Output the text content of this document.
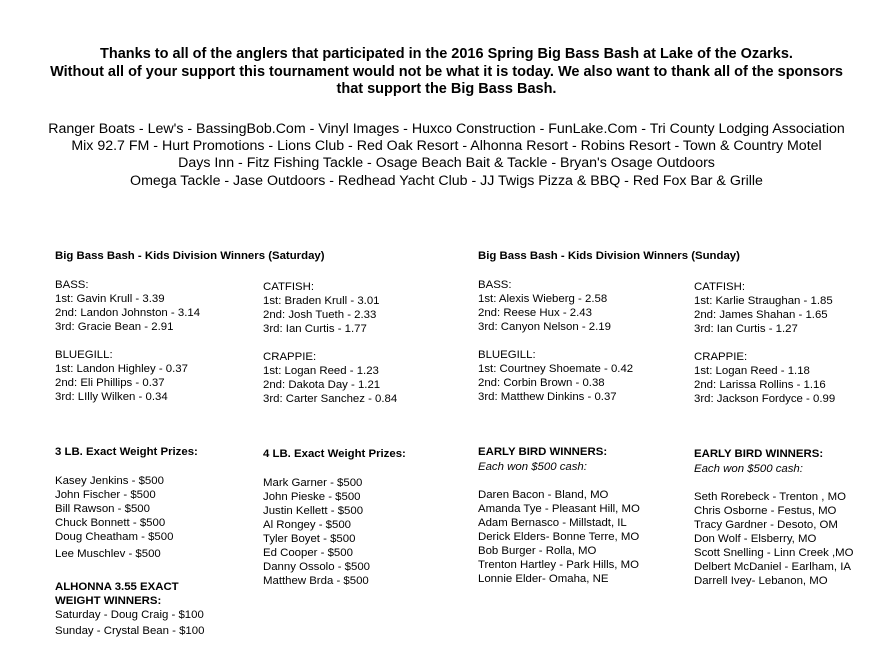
Thanks to all of the anglers that participated in the 2016 Spring Big Bass Bash at Lake of the Ozarks.
Without all of your support this tournament would not be what it is today. We also want to thank all of the sponsors
that support the Big Bass Bash.
Ranger Boats - Lew's - BassingBob.Com - Vinyl Images - Huxco Construction - FunLake.Com - Tri County Lodging Association
Mix 92.7 FM - Hurt Promotions - Lions Club - Red Oak Resort - Alhonna Resort - Robins Resort - Town & Country Motel
Days Inn - Fitz Fishing Tackle - Osage Beach Bait & Tackle - Bryan's Osage Outdoors
Omega Tackle - Jase Outdoors - Redhead Yacht Club - JJ Twigs Pizza & BBQ - Red Fox Bar & Grille
Big Bass Bash - Kids Division Winners (Saturday)	Big Bass Bash - Kids Division Winners (Sunday)
BASS:
1st: Gavin Krull - 3.39
2nd: Landon Johnston - 3.14
3rd: Gracie Bean - 2.91
BLUEGILL:
1st: Landon Highley - 0.37
2nd: Eli Phillips - 0.37
3rd: LIlly Wilken - 0.34
CATFISH:
1st: Braden Krull - 3.01
2nd: Josh Tueth - 2.33
3rd: Ian Curtis - 1.77
CRAPPIE:
1st: Logan Reed - 1.23
2nd: Dakota Day - 1.21
3rd: Carter Sanchez - 0.84
BASS:
1st: Alexis Wieberg - 2.58
2nd: Reese Hux - 2.43
3rd: Canyon Nelson - 2.19
BLUEGILL:
1st: Courtney Shoemate - 0.42
2nd: Corbin Brown - 0.38
3rd: Matthew Dinkins - 0.37
CATFISH:
1st: Karlie Straughan - 1.85
2nd: James Shahan - 1.65
3rd: Ian Curtis - 1.27
CRAPPIE:
1st: Logan Reed - 1.18
2nd: Larissa Rollins - 1.16
3rd: Jackson Fordyce - 0.99
3 LB. Exact Weight Prizes:
Kasey Jenkins - $500
John Fischer - $500
Bill Rawson - $500
Chuck Bonnett - $500
Doug Cheatham - $500
Lee Muschlev - $500
ALHONNA 3.55 EXACT
WEIGHT WINNERS:
Saturday - Doug Craig - $100
Sunday - Crystal Bean - $100
4 LB. Exact Weight Prizes:
Mark Garner - $500
John Pieske - $500
Justin Kellett - $500
Al Rongey - $500
Tyler Boyet - $500
Ed Cooper - $500
Danny Ossolo - $500
Matthew Brda - $500
EARLY BIRD WINNERS:
Each won $500 cash:
Daren Bacon - Bland, MO
Amanda Tye - Pleasant Hill, MO
Adam Bernasco - Millstadt, IL
Derick Elders- Bonne Terre, MO
Bob Burger - Rolla, MO
Trenton Hartley - Park Hills, MO
Lonnie Elder- Omaha, NE
EARLY BIRD WINNERS:
Each won $500 cash:
Seth Rorebeck - Trenton , MO
Chris Osborne - Festus, MO
Tracy Gardner - Desoto, OM
Don Wolf - Elsberry, MO
Scott Snelling - Linn Creek ,MO
Delbert McDaniel - Earlham, IA
Darrell Ivey- Lebanon, MO
